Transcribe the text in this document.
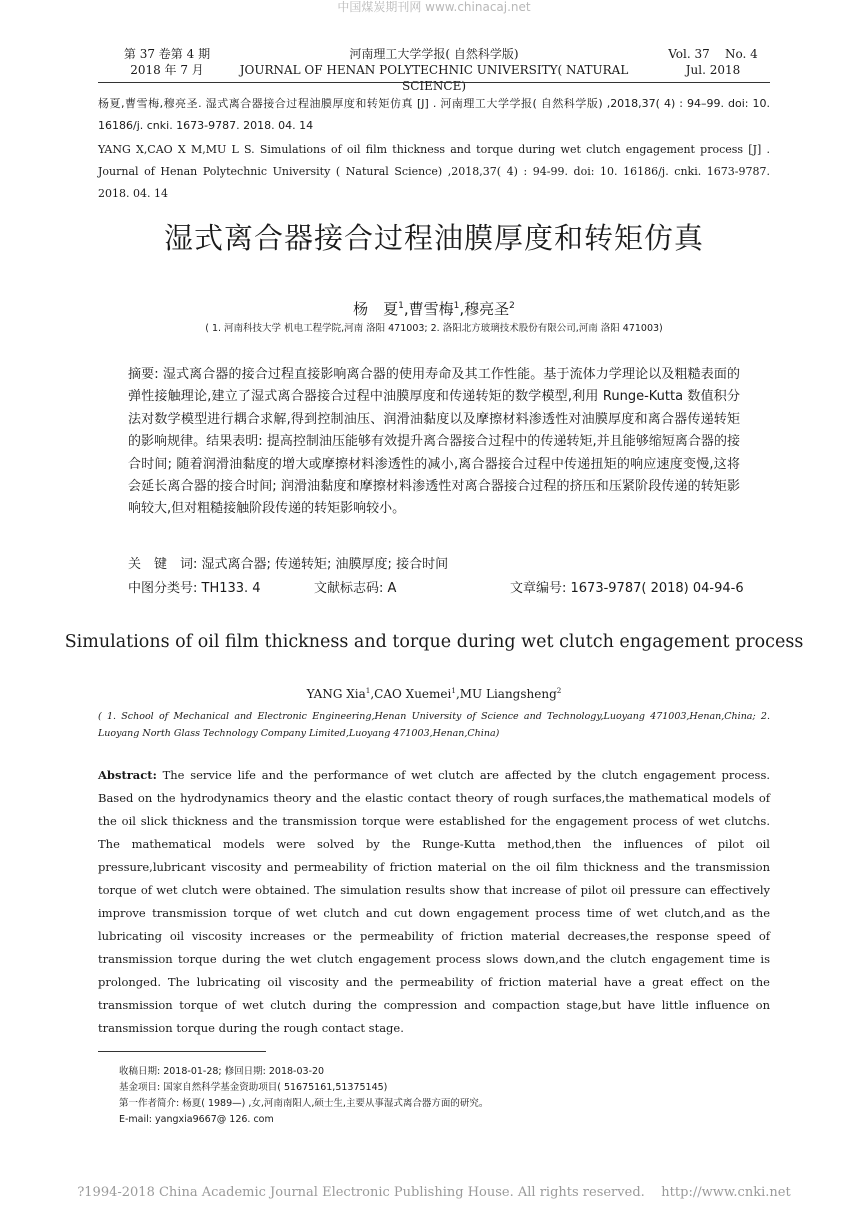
中国煤炭期刊网 www.chinacaj.net
第 37 卷第 4 期
2018 年 7 月
河南理工大学学报( 自然科学版)
JOURNAL OF HENAN POLYTECHNIC UNIVERSITY( NATURAL SCIENCE)
Vol. 37    No. 4
Jul. 2018
杨夏,曹雪梅,穆亮圣. 湿式离合器接合过程油膜厚度和转矩仿真 [J] . 河南理工大学学报( 自然科学版) ,2018,37( 4) : 94–99. doi: 10. 16186/j. cnki. 1673-9787. 2018. 04. 14
YANG X,CAO X M,MU L S. Simulations of oil film thickness and torque during wet clutch engagement process [J] . Journal of Henan Polytechnic University ( Natural Science) ,2018,37( 4) : 94-99. doi: 10. 16186/j. cnki. 1673-9787. 2018. 04. 14
湿式离合器接合过程油膜厚度和转矩仿真
杨　夏$^1$,曹雪梅$^1$,穆亮圣$^2$
( 1. 河南科技大学 机电工程学院,河南 洛阳 471003; 2. 洛阳北方玻璃技术股份有限公司,河南 洛阳 471003)
摘要: 湿式离合器的接合过程直接影响离合器的使用寿命及其工作性能。基于流体力学理论以及粗糙表面的弹性接触理论,建立了湿式离合器接合过程中油膜厚度和传递转矩的数学模型,利用 Runge-Kutta 数值积分法对数学模型进行耦合求解,得到控制油压、润滑油黏度以及摩擦材料渗透性对油膜厚度和离合器传递转矩的影响规律。结果表明: 提高控制油压能够有效提升离合器接合过程中的传递转矩,并且能够缩短离合器的接合时间; 随着润滑油黏度的增大或摩擦材料渗透性的减小,离合器接合过程中传递扭矩的响应速度变慢,这将会延长离合器的接合时间; 润滑油黏度和摩擦材料渗透性对离合器接合过程的挤压和压紧阶段传递的转矩影响较大,但对粗糙接触阶段传递的转矩影响较小。
关　键　词: 湿式离合器; 传递转矩; 油膜厚度; 接合时间
中图分类号: TH133. 4	文献标志码: A	文章编号: 1673-9787( 2018) 04-94-6
Simulations of oil film thickness and torque during wet clutch engagement process
YANG Xia$^1$,CAO Xuemei$^1$,MU Liangsheng$^2$
( 1. School of Mechanical and Electronic Engineering,Henan University of Science and Technology,Luoyang 471003,Henan,China; 2. Luoyang North Glass Technology Company Limited,Luoyang 471003,Henan,China)
Abstract: The service life and the performance of wet clutch are affected by the clutch engagement process. Based on the hydrodynamics theory and the elastic contact theory of rough surfaces,the mathematical models of the oil slick thickness and the transmission torque were established for the engagement process of wet clutchs. The mathematical models were solved by the Runge-Kutta method,then the influences of pilot oil pressure,lubricant viscosity and permeability of friction material on the oil film thickness and the transmission torque of wet clutch were obtained. The simulation results show that increase of pilot oil pressure can effectively improve transmission torque of wet clutch and cut down engagement process time of wet clutch,and as the lubricating oil viscosity increases or the permeability of friction material decreases,the response speed of transmission torque during the wet clutch engagement process slows down,and the clutch engagement time is prolonged. The lubricating oil viscosity and the permeability of friction material have a great effect on the transmission torque of wet clutch during the compression and compaction stage,but have little influence on transmission torque during the rough contact stage.
收稿日期: 2018-01-28; 修回日期: 2018-03-20
基金项目: 国家自然科学基金资助项目( 51675161,51375145)
第一作者简介: 杨夏( 1989—) ,女,河南南阳人,硕士生,主要从事湿式离合器方面的研究。
E-mail: yangxia9667@ 126. com
?1994-2018 China Academic Journal Electronic Publishing House. All rights reserved.    http://www.cnki.net
